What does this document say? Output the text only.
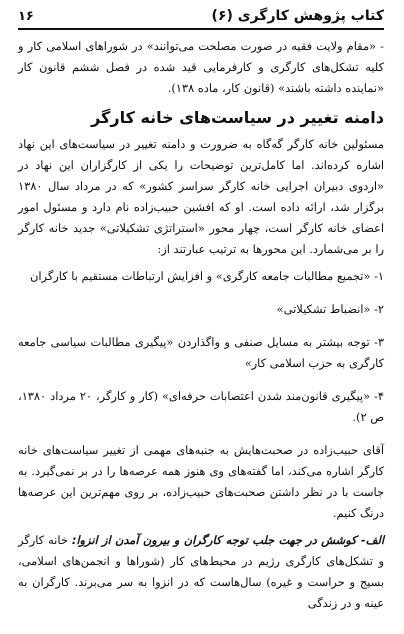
کتاب پژوهش کارگری (۶)
۱۶

- «مقام ولایت فقیه در صورت مصلحت می‌توانند» در شوراهای اسلامی کار و کلیه تشکل‌های کارگری و کارفرمایی قید شده در فصل ششم قانون کار «نماینده داشته باشند» (قانون کار، ماده ۱۳۸).

دامنه تغییر در سیاست‌های خانه کارگر

مسئولین خانه کارگر گه‌گاه به ضرورت و دامنه تغییر در سیاست‌های این نهاد اشاره کرده‌اند. اما کامل‌ترین توضیحات را یکی از کارگزاران این نهاد در «اردوی دبیران اجرایی خانه کارگر سراسر کشور» که در مرداد سال ۱۳۸۰ برگزار شد، ارائه داده است. او که افشین حبیب‌زاده نام دارد و مسئول امور اعضای خانه کارگر است، چهار محور «استراتژی تشکیلاتی» جدید خانه کارگر را بر می‌شمارد. این محورها به ترتیب عبارتند از:

۱- «تجمیع مطالبات جامعه کارگری» و افزایش ارتباطات مستقیم با کارگران
۲- «انضباط تشکیلاتی»
۳- توجه بیشتر به مسایل صنفی و واگذاردن «پیگیری مطالبات سیاسی جامعه کارگری به حزب اسلامی کار»
۴- «پیگیری قانون‌مند شدن اعتصابات حرفه‌ای» (کار و کارگر، ۲۰ مرداد ۱۳۸۰، ص ۲).

آقای حبیب‌زاده در صحبت‌هایش به جنبه‌های مهمی از تغییر سیاست‌های خانه کارگر اشاره می‌کند، اما گفته‌های وی هنوز همه عرصه‌ها را در بر نمی‌گیرد. به جاست با در نظر داشتن صحبت‌های حبیب‌زاده، بر روی مهم‌ترین این عرصه‌ها درنگ کنیم.

الف- کوشش در جهت جلب توجه کارگران و بیرون آمدن از انزوا: خانه کارگر و تشکل‌های کارگری رژیم در محیط‌های کار (شوراها و انجمن‌های اسلامی، بسیج و حراست و غیره) سال‌هاست که در انزوا به سر می‌برند. کارگران به عینه و در زندگی
